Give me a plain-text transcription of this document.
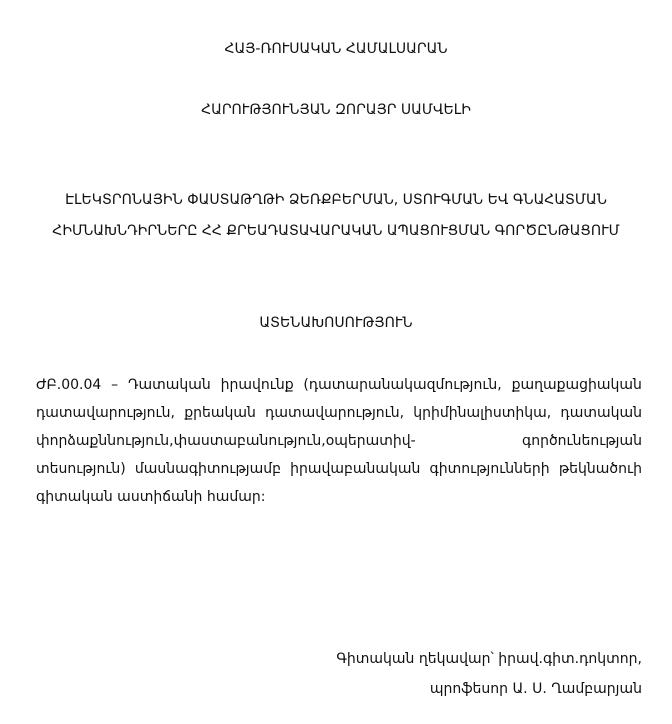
ՀԱՅ-ՌՈՒՍԱԿԱՆ ՀԱՄԱԼՍԱՐԱՆ
ՀԱՐՈՒԹՅՈՒՆՅԱՆ ԶՈՐԱՅՐ ՍԱՄՎԵԼԻ
ԷԼԵԿՏՐՈՆԱՅԻՆ ՓԱՍՏԱԹՂԹԻ ՁԵՌՔԲԵՐՄԱՆ, ՍՏՈՒԳՄԱՆ ԵՎ ԳՆԱՀԱՏՄԱՆ
ՀԻՄՆԱԽՆԴԻՐՆԵՐԸ ՀՀ ՔՐԵԱԴԱՏԱՎԱՐԱԿԱՆ ԱՊԱՑՈՒՑՄԱՆ ԳՈՐԾԸՆԹԱՑՈՒՄ
ԱՏԵՆԱԽՈՍՈՒԹՅՈՒՆ
ԺԲ.00.04 – Դատական իրավունք (դատարանակազմություն, քաղաքացիական
դատավարություն, քրեական դատավարություն, կրիմինալիստիկա, դատական
փորձաքննություն, փաստաբանություն, օպերատիվ-	գործունեության
տեսություն) մասնագիտությամբ իրավաբանական գիտությունների թեկնածուի
գիտական աստիճանի համար:
Գիտական ղեկավար՝ իրավ.գիտ.դոկտոր,
պրոֆեսոր Ա. Ս. Ղամբարյան
